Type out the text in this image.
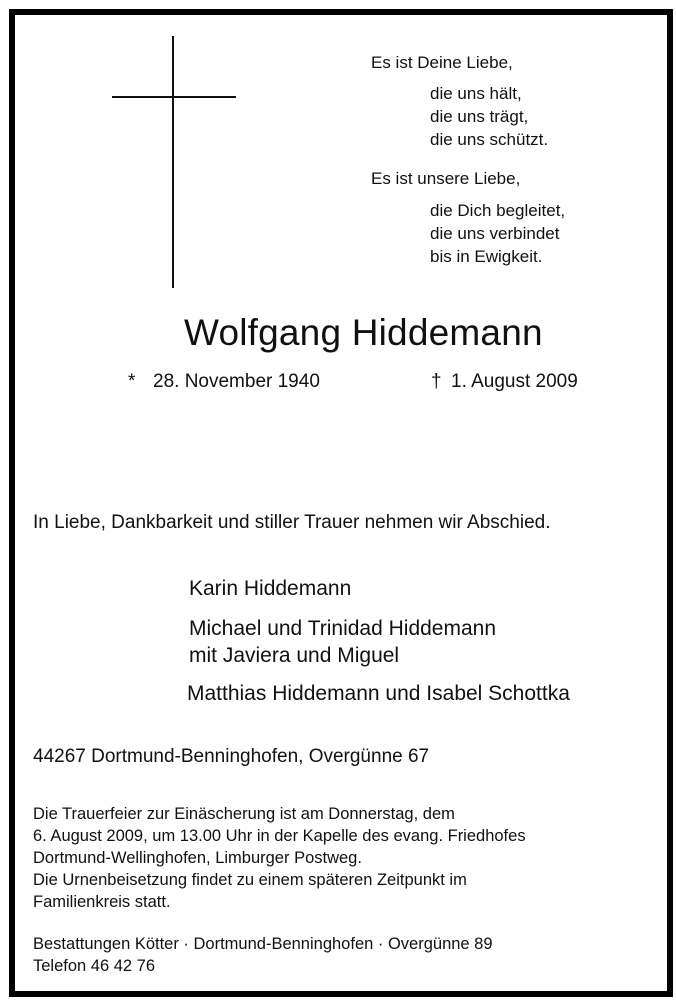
Es ist Deine Liebe,
die uns hält,
die uns trägt,
die uns schützt.
Es ist unsere Liebe,
die Dich begleitet,
die uns verbindet
bis in Ewigkeit.
Wolfgang Hiddemann
* 28. November 1940	† 1. August 2009
In Liebe, Dankbarkeit und stiller Trauer nehmen wir Abschied.
Karin Hiddemann
Michael und Trinidad Hiddemann
mit Javiera und Miguel
Matthias Hiddemann und Isabel Schottka
44267 Dortmund-Benninghofen, Overgünne 67
Die Trauerfeier zur Einäscherung ist am Donnerstag, dem
6. August 2009, um 13.00 Uhr in der Kapelle des evang. Friedhofes
Dortmund-Wellinghofen, Limburger Postweg.
Die Urnenbeisetzung findet zu einem späteren Zeitpunkt im
Familienkreis statt.
Bestattungen Kötter · Dortmund-Benninghofen · Overgünne 89
Telefon 46 42 76
